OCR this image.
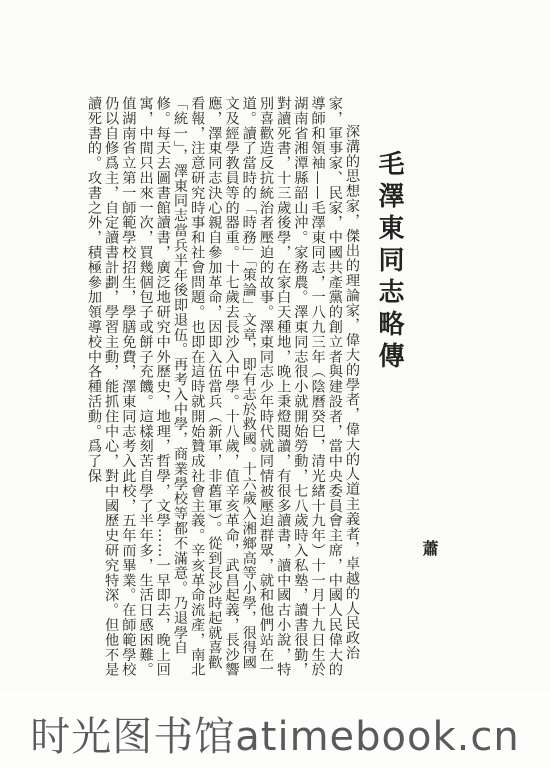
毛澤東同志略傳
蕭

深溝的思想家，傑出的理論家，偉大的學者，偉大的人道主義者，卓越的人民政治家，軍事家、民家，中國共產黨的創立者與建設者，當中央委員會主席，中國人民偉大的導師和領袖——毛澤東同志，一八九三年（陰曆癸巳，清光緒十九年）十一月十九日生於湖南省湘潭縣韶山沖。家務農。澤東同志很小就開始勞動，七八歲時入私塾，讀書很勤，對讀死書，十三歲後學，在家白天種地，晚上秉燈閱讀，有很多讀書，讀中國古小說，特別喜歡造反抗統治者壓迫的故事。澤東同志少年時代就同情被壓迫群眾，就和他們站在一道。讀了當時的「時務」「策論」文章，即有志於救國。十六歲入湘鄉高等小學，很得國文及經學教員等的器重。十七歲去長沙入中學。十八歲，值辛亥革命，武昌起義，長沙響應，澤東同志決心親自參加革命，因即入伍當兵（新軍，非舊軍）。從到長沙時起就喜歡看報，注意研究時事和社會問題。也即在這時就開始贊成社會主義。辛亥革命流產，南北「統一」，澤東同志當兵半年後即退伍。再考入中學，商業學校等都不滿意。乃退學自修。每天去圖書館讀書，廣泛地研究中外歷史，地理，哲學，文學……一早即去，晚上回寓，中間只出來一次，買幾個包子或餅子充饑。這樣刻苦自學了半年多，生活日感困難。值湖南省立第一師範學校招生，學膳免費，澤東同志考入此校，五年而畢業。在師範學校仍以自修爲主，自定讀書計劃，學習主動，能抓住中心，對中國歷史研究特深。但他不是讀死書的。攻書之外，積極參加領導校中各種活動。爲了保

时光图书馆atimebook.cn
